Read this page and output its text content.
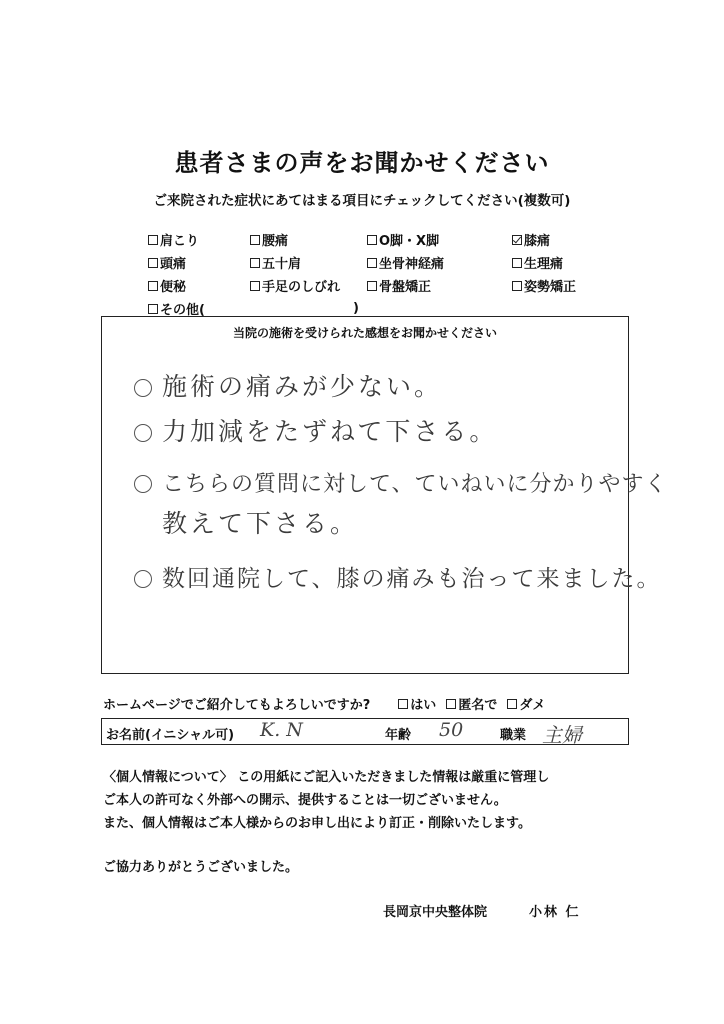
患者さまの声をお聞かせください
ご来院された症状にあてはまる項目にチェックしてください(複数可)
肩こり	腰痛	O脚・X脚	膝痛
頭痛	五十肩	坐骨神経痛	生理痛
便秘	手足のしびれ	骨盤矯正	姿勢矯正
その他(	)
当院の施術を受けられた感想をお聞かせください
施術の痛みが少ない。
力加減をたずねて下さる。
こちらの質問に対して、ていねいに分かりやすく
教えて下さる。
数回通院して、膝の痛みも治って来ました。
ホームページでご紹介してもよろしいですか?	はい 匿名で ダメ
お名前(イニシャル可) K. N	年齢 50	職業 主婦
〈個人情報について〉 この用紙にご記入いただきました情報は厳重に管理し
ご本人の許可なく外部への開示、提供することは一切ございません。
また、個人情報はご本人様からのお申し出により訂正・削除いたします。
ご協力ありがとうございました。
長岡京中央整体院	小林 仁
